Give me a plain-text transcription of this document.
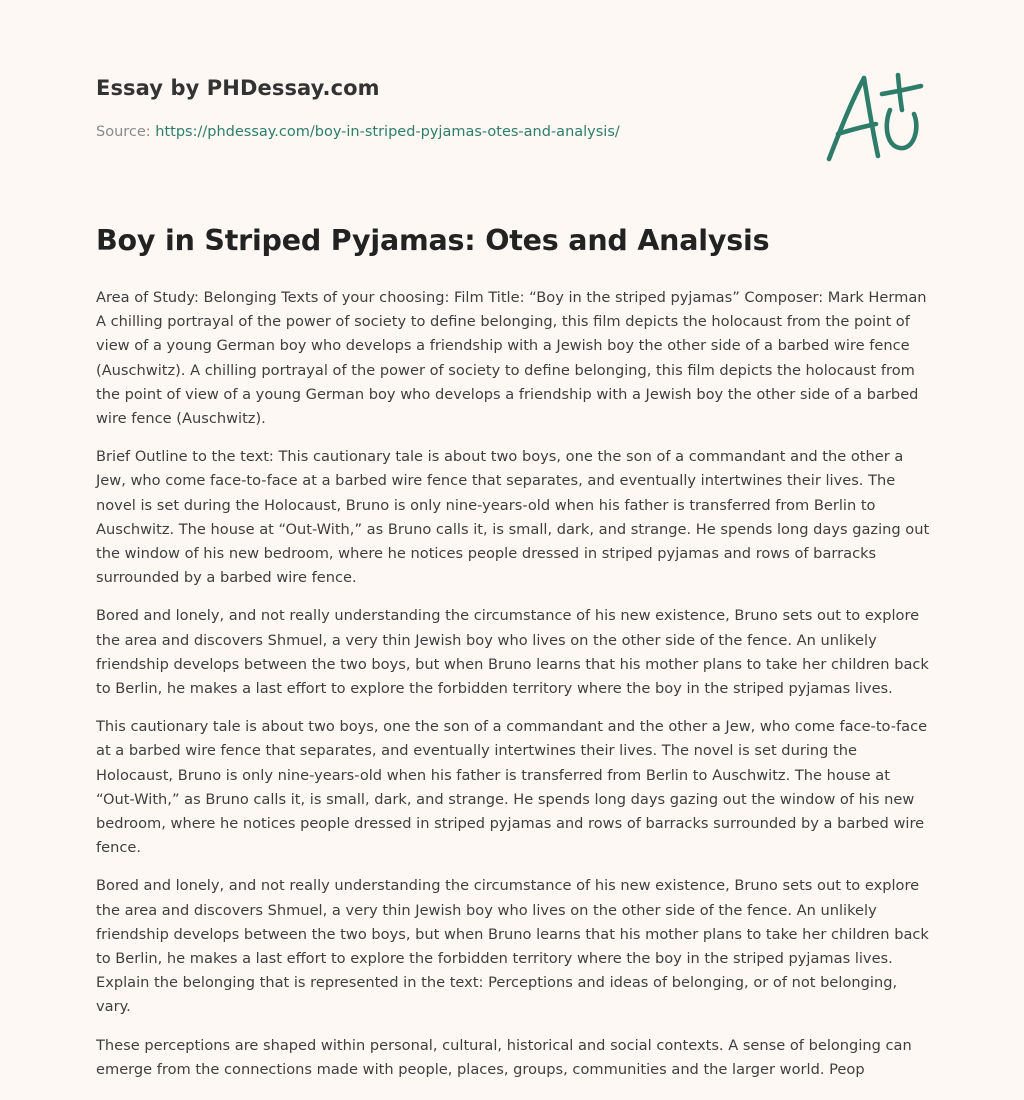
Essay by PHDessay.com
Source: https://phdessay.com/boy-in-striped-pyjamas-otes-and-analysis/
Boy in Striped Pyjamas: Otes and Analysis

Area of Study: Belonging Texts of your choosing: Film Title: “Boy in the striped pyjamas” Composer: Mark Herman A chilling portrayal of the power of society to define belonging, this film depicts the holocaust from the point of view of a young German boy who develops a friendship with a Jewish boy the other side of a barbed wire fence (Auschwitz). A chilling portrayal of the power of society to define belonging, this film depicts the holocaust from the point of view of a young German boy who develops a friendship with a Jewish boy the other side of a barbed wire fence (Auschwitz).

Brief Outline to the text: This cautionary tale is about two boys, one the son of a commandant and the other a Jew, who come face-to-face at a barbed wire fence that separates, and eventually intertwines their lives. The novel is set during the Holocaust, Bruno is only nine-years-old when his father is transferred from Berlin to Auschwitz. The house at “Out-With,” as Bruno calls it, is small, dark, and strange. He spends long days gazing out the window of his new bedroom, where he notices people dressed in striped pyjamas and rows of barracks surrounded by a barbed wire fence.

Bored and lonely, and not really understanding the circumstance of his new existence, Bruno sets out to explore the area and discovers Shmuel, a very thin Jewish boy who lives on the other side of the fence. An unlikely friendship develops between the two boys, but when Bruno learns that his mother plans to take her children back to Berlin, he makes a last effort to explore the forbidden territory where the boy in the striped pyjamas lives.

This cautionary tale is about two boys, one the son of a commandant and the other a Jew, who come face-to-face at a barbed wire fence that separates, and eventually intertwines their lives. The novel is set during the Holocaust, Bruno is only nine-years-old when his father is transferred from Berlin to Auschwitz. The house at “Out-With,” as Bruno calls it, is small, dark, and strange. He spends long days gazing out the window of his new bedroom, where he notices people dressed in striped pyjamas and rows of barracks surrounded by a barbed wire fence.

Bored and lonely, and not really understanding the circumstance of his new existence, Bruno sets out to explore the area and discovers Shmuel, a very thin Jewish boy who lives on the other side of the fence. An unlikely friendship develops between the two boys, but when Bruno learns that his mother plans to take her children back to Berlin, he makes a last effort to explore the forbidden territory where the boy in the striped pyjamas lives. Explain the belonging that is represented in the text: Perceptions and ideas of belonging, or of not belonging, vary.

These perceptions are shaped within personal, cultural, historical and social contexts. A sense of belonging can emerge from the connections made with people, places, groups, communities and the larger world. Peop
